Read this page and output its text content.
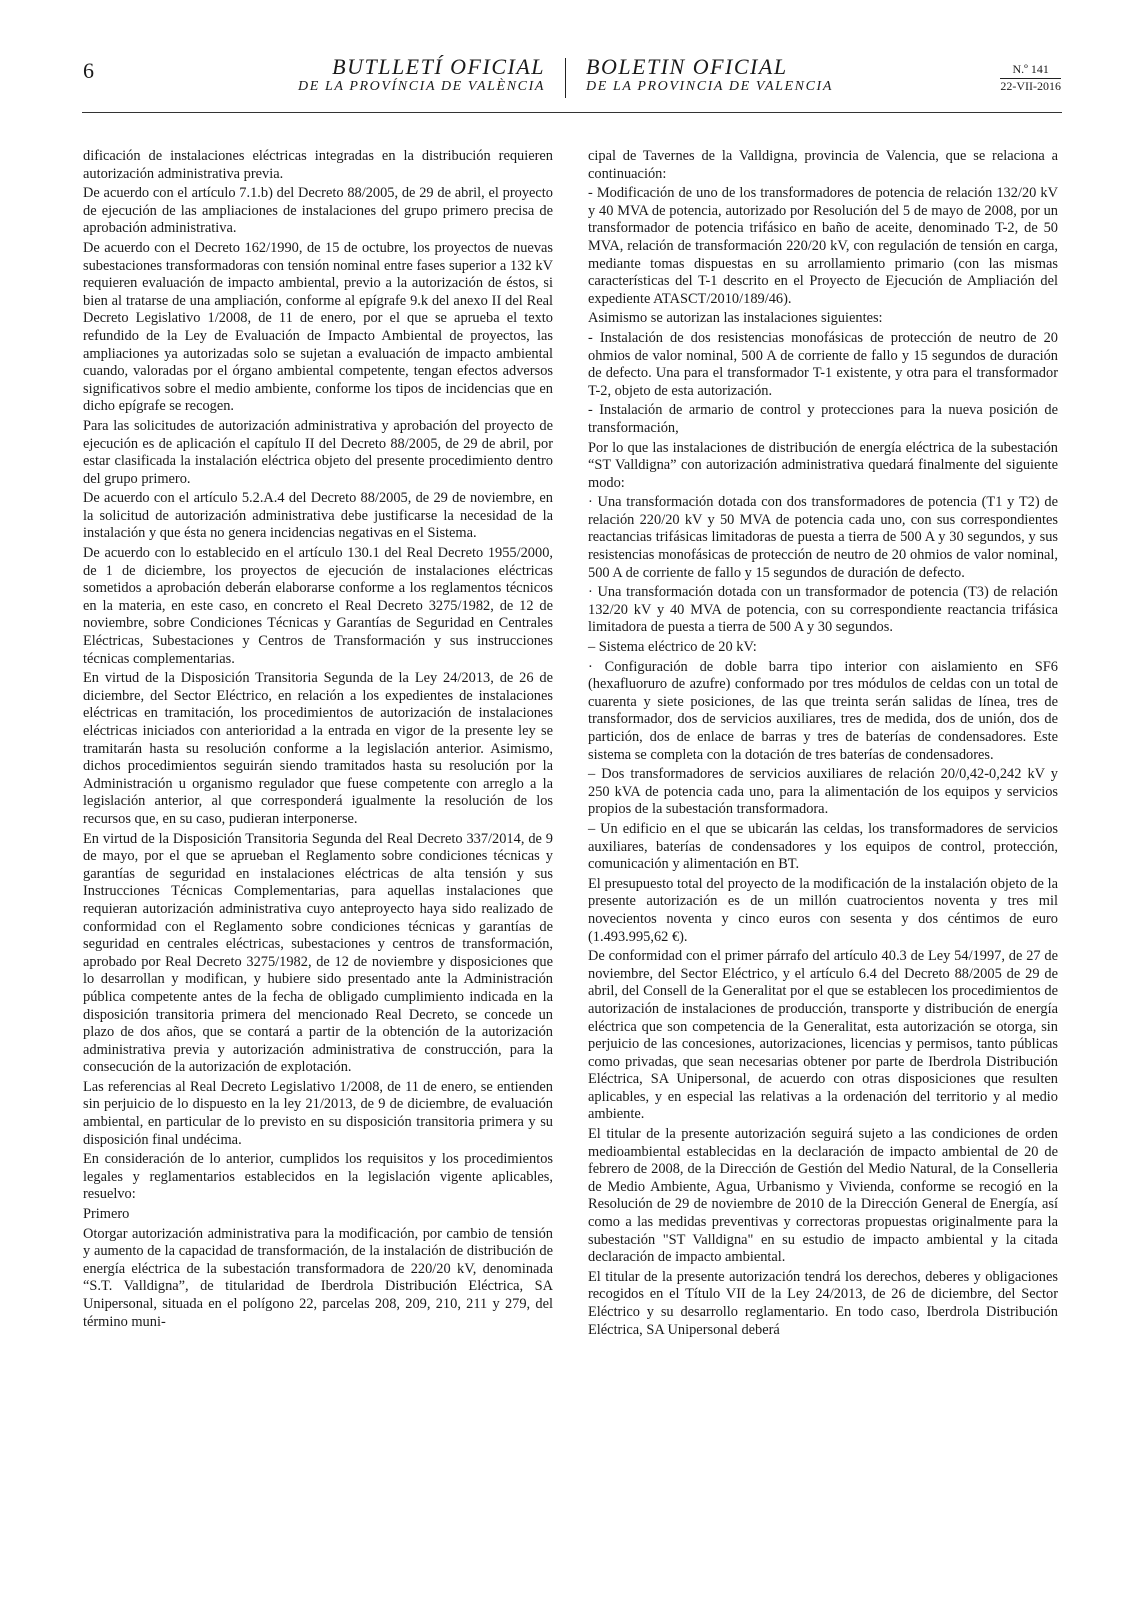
6	BUTLLETÍ OFICIAL
DE LA PROVÍNCIA DE VALÈNCIA
BOLETIN OFICIAL
DE LA PROVINCIA DE VALENCIA
N.º 141
22-VII-2016

dificación de instalaciones eléctricas integradas en la distribución requieren autorización administrativa previa.

De acuerdo con el artículo 7.1.b) del Decreto 88/2005, de 29 de abril, el proyecto de ejecución de las ampliaciones de instalaciones del grupo primero precisa de aprobación administrativa.

De acuerdo con el Decreto 162/1990, de 15 de octubre, los proyectos de nuevas subestaciones transformadoras con tensión nominal entre fases superior a 132 kV requieren evaluación de impacto ambiental, previo a la autorización de éstos, si bien al tratarse de una ampliación, conforme al epígrafe 9.k del anexo II del Real Decreto Legislativo 1/2008, de 11 de enero, por el que se aprueba el texto refundido de la Ley de Evaluación de Impacto Ambiental de proyectos, las ampliaciones ya autorizadas solo se sujetan a evaluación de impacto ambiental cuando, valoradas por el órgano ambiental competente, tengan efectos adversos significativos sobre el medio ambiente, conforme los tipos de incidencias que en dicho epígrafe se recogen.

Para las solicitudes de autorización administrativa y aprobación del proyecto de ejecución es de aplicación el capítulo II del Decreto 88/2005, de 29 de abril, por estar clasificada la instalación eléctrica objeto del presente procedimiento dentro del grupo primero.

De acuerdo con el artículo 5.2.A.4 del Decreto 88/2005, de 29 de noviembre, en la solicitud de autorización administrativa debe justificarse la necesidad de la instalación y que ésta no genera incidencias negativas en el Sistema.

De acuerdo con lo establecido en el artículo 130.1 del Real Decreto 1955/2000, de 1 de diciembre, los proyectos de ejecución de instalaciones eléctricas sometidos a aprobación deberán elaborarse conforme a los reglamentos técnicos en la materia, en este caso, en concreto el Real Decreto 3275/1982, de 12 de noviembre, sobre Condiciones Técnicas y Garantías de Seguridad en Centrales Eléctricas, Subestaciones y Centros de Transformación y sus instrucciones técnicas complementarias.

En virtud de la Disposición Transitoria Segunda de la Ley 24/2013, de 26 de diciembre, del Sector Eléctrico, en relación a los expedientes de instalaciones eléctricas en tramitación, los procedimientos de autorización de instalaciones eléctricas iniciados con anterioridad a la entrada en vigor de la presente ley se tramitarán hasta su resolución conforme a la legislación anterior. Asimismo, dichos procedimientos seguirán siendo tramitados hasta su resolución por la Administración u organismo regulador que fuese competente con arreglo a la legislación anterior, al que corresponderá igualmente la resolución de los recursos que, en su caso, pudieran interponerse.

En virtud de la Disposición Transitoria Segunda del Real Decreto 337/2014, de 9 de mayo, por el que se aprueban el Reglamento sobre condiciones técnicas y garantías de seguridad en instalaciones eléctricas de alta tensión y sus Instrucciones Técnicas Complementarias, para aquellas instalaciones que requieran autorización administrativa cuyo anteproyecto haya sido realizado de conformidad con el Reglamento sobre condiciones técnicas y garantías de seguridad en centrales eléctricas, subestaciones y centros de transformación, aprobado por Real Decreto 3275/1982, de 12 de noviembre y disposiciones que lo desarrollan y modifican, y hubiere sido presentado ante la Administración pública competente antes de la fecha de obligado cumplimiento indicada en la disposición transitoria primera del mencionado Real Decreto, se concede un plazo de dos años, que se contará a partir de la obtención de la autorización administrativa previa y autorización administrativa de construcción, para la consecución de la autorización de explotación.

Las referencias al Real Decreto Legislativo 1/2008, de 11 de enero, se entienden sin perjuicio de lo dispuesto en la ley 21/2013, de 9 de diciembre, de evaluación ambiental, en particular de lo previsto en su disposición transitoria primera y su disposición final undécima.

En consideración de lo anterior, cumplidos los requisitos y los procedimientos legales y reglamentarios establecidos en la legislación vigente aplicables, resuelvo:

Primero

Otorgar autorización administrativa para la modificación, por cambio de tensión y aumento de la capacidad de transformación, de la instalación de distribución de energía eléctrica de la subestación transformadora de 220/20 kV, denominada “S.T. Valldigna”, de titularidad de Iberdrola Distribución Eléctrica, SA Unipersonal, situada en el polígono 22, parcelas 208, 209, 210, 211 y 279, del término muni-

cipal de Tavernes de la Valldigna, provincia de Valencia, que se relaciona a continuación:

- Modificación de uno de los transformadores de potencia de relación 132/20 kV y 40 MVA de potencia, autorizado por Resolución del 5 de mayo de 2008, por un transformador de potencia trifásico en baño de aceite, denominado T-2, de 50 MVA, relación de transformación 220/20 kV, con regulación de tensión en carga, mediante tomas dispuestas en su arrollamiento primario (con las mismas características del T-1 descrito en el Proyecto de Ejecución de Ampliación del expediente ATASCT/2010/189/46).

Asimismo se autorizan las instalaciones siguientes:

- Instalación de dos resistencias monofásicas de protección de neutro de 20 ohmios de valor nominal, 500 A de corriente de fallo y 15 segundos de duración de defecto. Una para el transformador T-1 existente, y otra para el transformador T-2, objeto de esta autorización.

- Instalación de armario de control y protecciones para la nueva posición de transformación,

Por lo que las instalaciones de distribución de energía eléctrica de la subestación “ST Valldigna” con autorización administrativa quedará finalmente del siguiente modo:

· Una transformación dotada con dos transformadores de potencia (T1 y T2) de relación 220/20 kV y 50 MVA de potencia cada uno, con sus correspondientes reactancias trifásicas limitadoras de puesta a tierra de 500 A y 30 segundos, y sus resistencias monofásicas de protección de neutro de 20 ohmios de valor nominal, 500 A de corriente de fallo y 15 segundos de duración de defecto.

· Una transformación dotada con un transformador de potencia (T3) de relación 132/20 kV y 40 MVA de potencia, con su correspondiente reactancia trifásica limitadora de puesta a tierra de 500 A y 30 segundos.

– Sistema eléctrico de 20 kV:

· Configuración de doble barra tipo interior con aislamiento en SF6 (hexafluoruro de azufre) conformado por tres módulos de celdas con un total de cuarenta y siete posiciones, de las que treinta serán salidas de línea, tres de transformador, dos de servicios auxiliares, tres de medida, dos de unión, dos de partición, dos de enlace de barras y tres de baterías de condensadores. Este sistema se completa con la dotación de tres baterías de condensadores.

– Dos transformadores de servicios auxiliares de relación 20/0,42-0,242 kV y 250 kVA de potencia cada uno, para la alimentación de los equipos y servicios propios de la subestación transformadora.

– Un edificio en el que se ubicarán las celdas, los transformadores de servicios auxiliares, baterías de condensadores y los equipos de control, protección, comunicación y alimentación en BT.

El presupuesto total del proyecto de la modificación de la instalación objeto de la presente autorización es de un millón cuatrocientos noventa y tres mil novecientos noventa y cinco euros con sesenta y dos céntimos de euro (1.493.995,62 €).

De conformidad con el primer párrafo del artículo 40.3 de Ley 54/1997, de 27 de noviembre, del Sector Eléctrico, y el artículo 6.4 del Decreto 88/2005 de 29 de abril, del Consell de la Generalitat por el que se establecen los procedimientos de autorización de instalaciones de producción, transporte y distribución de energía eléctrica que son competencia de la Generalitat, esta autorización se otorga, sin perjuicio de las concesiones, autorizaciones, licencias y permisos, tanto públicas como privadas, que sean necesarias obtener por parte de Iberdrola Distribución Eléctrica, SA Unipersonal, de acuerdo con otras disposiciones que resulten aplicables, y en especial las relativas a la ordenación del territorio y al medio ambiente.

El titular de la presente autorización seguirá sujeto a las condiciones de orden medioambiental establecidas en la declaración de impacto ambiental de 20 de febrero de 2008, de la Dirección de Gestión del Medio Natural, de la Conselleria de Medio Ambiente, Agua, Urbanismo y Vivienda, conforme se recogió en la Resolución de 29 de noviembre de 2010 de la Dirección General de Energía, así como a las medidas preventivas y correctoras propuestas originalmente para la subestación "ST Valldigna" en su estudio de impacto ambiental y la citada declaración de impacto ambiental.

El titular de la presente autorización tendrá los derechos, deberes y obligaciones recogidos en el Título VII de la Ley 24/2013, de 26 de diciembre, del Sector Eléctrico y su desarrollo reglamentario. En todo caso, Iberdrola Distribución Eléctrica, SA Unipersonal deberá
